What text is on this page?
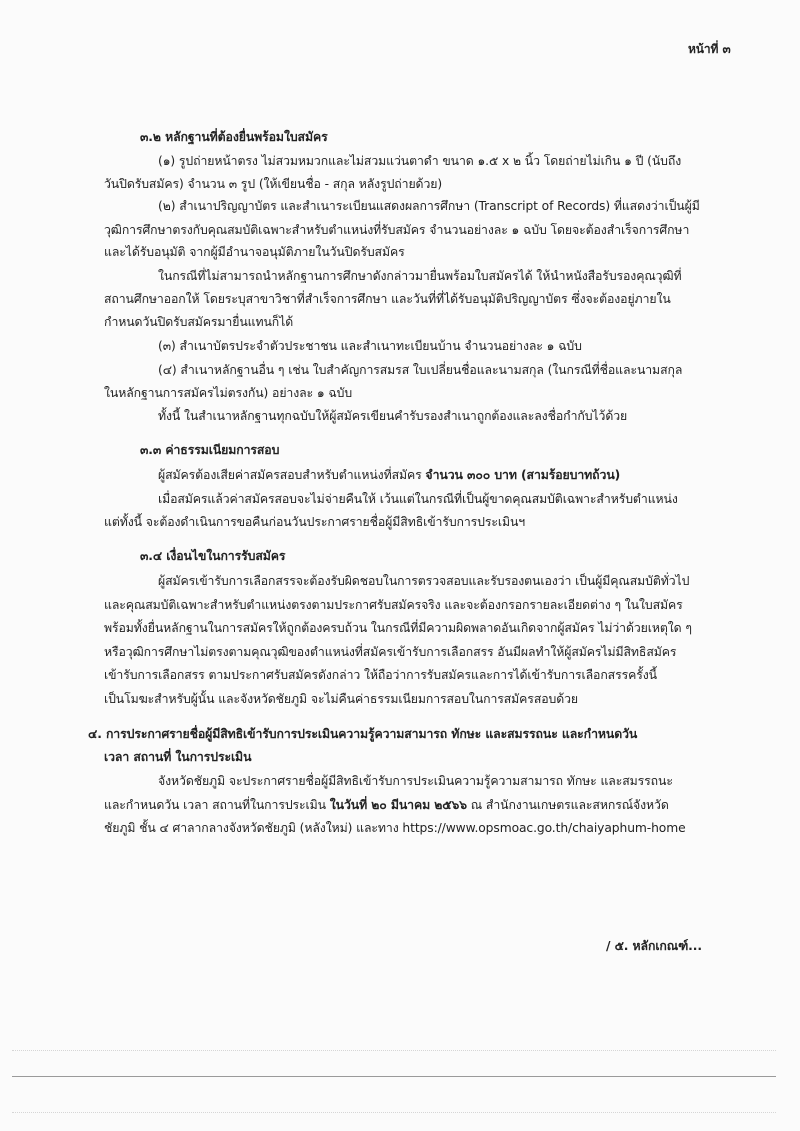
หน้าที่ ๓
๓.๒ หลักฐานที่ต้องยื่นพร้อมใบสมัคร
(๑) รูปถ่ายหน้าตรง ไม่สวมหมวกและไม่สวมแว่นตาดำ ขนาด ๑.๕ x ๒ นิ้ว โดยถ่ายไม่เกิน ๑ ปี (นับถึง
วันปิดรับสมัคร) จำนวน ๓ รูป (ให้เขียนชื่อ - สกุล หลังรูปถ่ายด้วย)
(๒) สำเนาปริญญาบัตร และสำเนาระเบียนแสดงผลการศึกษา (Transcript of Records) ที่แสดงว่าเป็นผู้มี
วุฒิการศึกษาตรงกับคุณสมบัติเฉพาะสำหรับตำแหน่งที่รับสมัคร จำนวนอย่างละ ๑ ฉบับ โดยจะต้องสำเร็จการศึกษา
และได้รับอนุมัติ จากผู้มีอำนาจอนุมัติภายในวันปิดรับสมัคร
ในกรณีที่ไม่สามารถนำหลักฐานการศึกษาดังกล่าวมายื่นพร้อมใบสมัครได้ ให้นำหนังสือรับรองคุณวุฒิที่
สถานศึกษาออกให้ โดยระบุสาขาวิชาที่สำเร็จการศึกษา และวันที่ที่ได้รับอนุมัติปริญญาบัตร ซึ่งจะต้องอยู่ภายใน
กำหนดวันปิดรับสมัครมายื่นแทนก็ได้
(๓) สำเนาบัตรประจำตัวประชาชน และสำเนาทะเบียนบ้าน จำนวนอย่างละ ๑ ฉบับ
(๔) สำเนาหลักฐานอื่น ๆ เช่น ใบสำคัญการสมรส ใบเปลี่ยนชื่อและนามสกุล (ในกรณีที่ชื่อและนามสกุล
ในหลักฐานการสมัครไม่ตรงกัน) อย่างละ ๑ ฉบับ
ทั้งนี้ ในสำเนาหลักฐานทุกฉบับให้ผู้สมัครเขียนคำรับรองสำเนาถูกต้องและลงชื่อกำกับไว้ด้วย
๓.๓ ค่าธรรมเนียมการสอบ
ผู้สมัครต้องเสียค่าสมัครสอบสำหรับตำแหน่งที่สมัคร จำนวน ๓๐๐ บาท (สามร้อยบาทถ้วน)
เมื่อสมัครแล้วค่าสมัครสอบจะไม่จ่ายคืนให้ เว้นแต่ในกรณีที่เป็นผู้ขาดคุณสมบัติเฉพาะสำหรับตำแหน่ง
แต่ทั้งนี้ จะต้องดำเนินการขอคืนก่อนวันประกาศรายชื่อผู้มีสิทธิเข้ารับการประเมินฯ
๓.๔ เงื่อนไขในการรับสมัคร
ผู้สมัครเข้ารับการเลือกสรรจะต้องรับผิดชอบในการตรวจสอบและรับรองตนเองว่า เป็นผู้มีคุณสมบัติทั่วไป
และคุณสมบัติเฉพาะสำหรับตำแหน่งตรงตามประกาศรับสมัครจริง และจะต้องกรอกรายละเอียดต่าง ๆ ในใบสมัคร
พร้อมทั้งยื่นหลักฐานในการสมัครให้ถูกต้องครบถ้วน ในกรณีที่มีความผิดพลาดอันเกิดจากผู้สมัคร ไม่ว่าด้วยเหตุใด ๆ
หรือวุฒิการศึกษาไม่ตรงตามคุณวุฒิของตำแหน่งที่สมัครเข้ารับการเลือกสรร อันมีผลทำให้ผู้สมัครไม่มีสิทธิสมัคร
เข้ารับการเลือกสรร ตามประกาศรับสมัครดังกล่าว ให้ถือว่าการรับสมัครและการได้เข้ารับการเลือกสรรครั้งนี้
เป็นโมฆะสำหรับผู้นั้น และจังหวัดชัยภูมิ จะไม่คืนค่าธรรมเนียมการสอบในการสมัครสอบด้วย
๔. การประกาศรายชื่อผู้มีสิทธิเข้ารับการประเมินความรู้ความสามารถ ทักษะ และสมรรถนะ และกำหนดวัน
เวลา สถานที่ ในการประเมิน
จังหวัดชัยภูมิ จะประกาศรายชื่อผู้มีสิทธิเข้ารับการประเมินความรู้ความสามารถ ทักษะ และสมรรถนะ
และกำหนดวัน เวลา สถานที่ในการประเมิน ในวันที่ ๒๐ มีนาคม ๒๕๖๖ ณ สำนักงานเกษตรและสหกรณ์จังหวัด
ชัยภูมิ ชั้น ๔ ศาลากลางจังหวัดชัยภูมิ (หลังใหม่) และทาง https://www.opsmoac.go.th/chaiyaphum-home
/ ๕. หลักเกณฑ์...
